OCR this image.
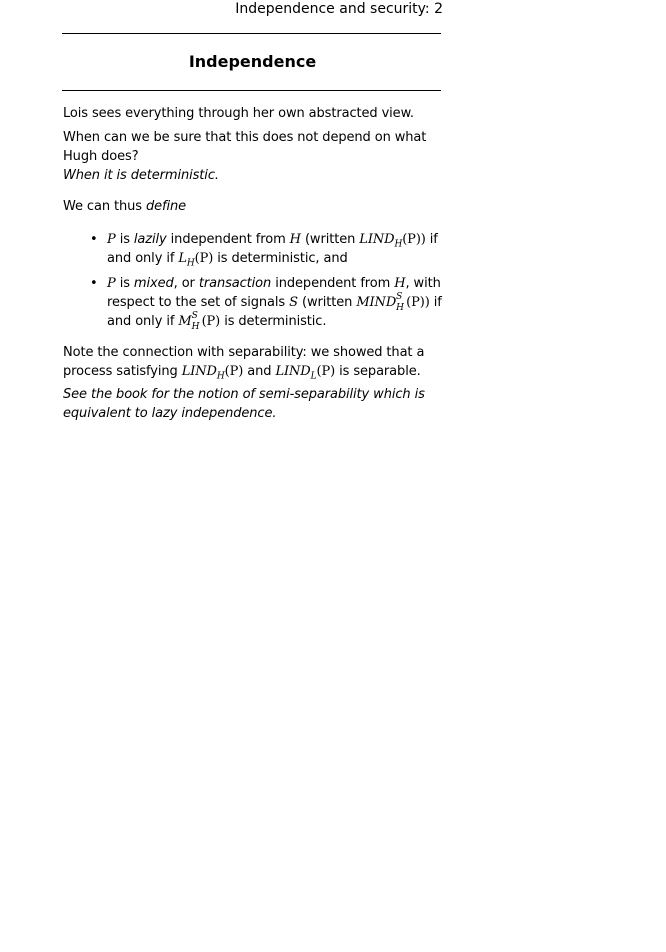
Independence and security: 2
Independence

Lois sees everything through her own abstracted view.

When can we be sure that this does not depend on what Hugh does?

When it is deterministic.

We can thus define

• P is lazily independent from H (written $LIND_H(P)$) if and only if $L_H(P)$ is deterministic, and
• P is mixed, or transaction independent from H, with respect to the set of signals S (written MIND S
H (P)) if and only if M S
H (P) is deterministic.

Note the connection with separability: we showed that a process satisfying $LIND_H(P)$ and $LIND_L(P)$ is separable.

See the book for the notion of semi-separability which is equivalent to lazy independence.
